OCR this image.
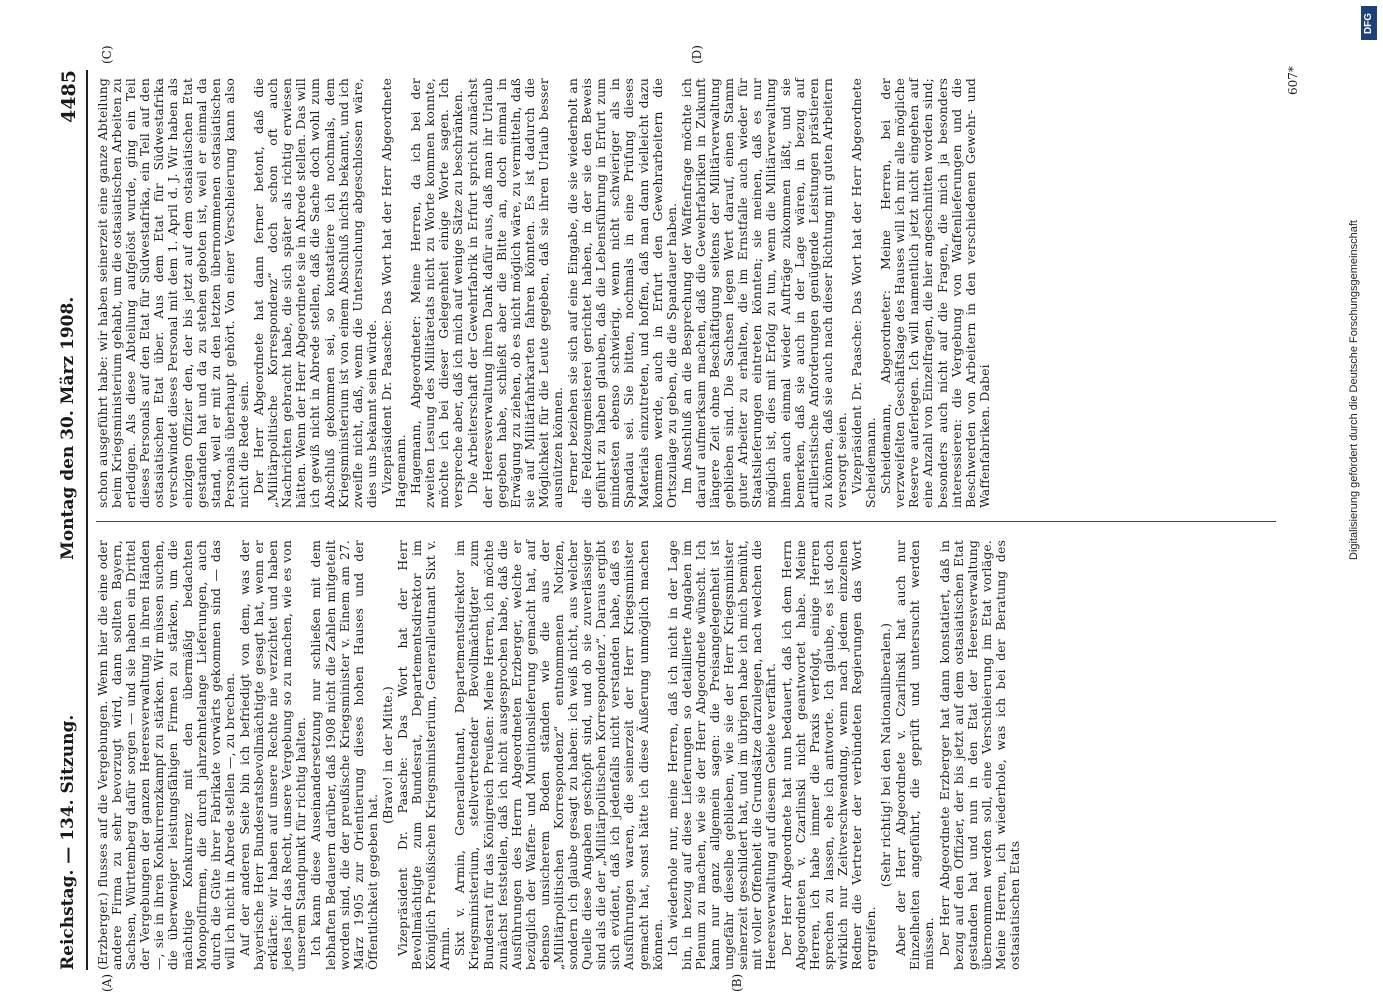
DFG
Digitalisierung gefördert durch die Deutsche Forschungsgemeinschaft
Reichstag. — 134. Sitzung.
Montag den 30. März 1908.
4485

(Erzberger.) flusses auf die Vergebungen. Wenn hier die eine oder andere Firma zu sehr bevorzugt wird, dann sollten Bayern, Sachsen, Württemberg dafür sorgen — und sie haben ein Drittel der Vergebungen der ganzen Heeresverwaltung in ihren Händen —, sie in ihren Konkurrenzkampf zu stärken. Wir müssen suchen, die überweniger leistungsfähigen Firmen zu stärken, um die mächtige Konkurrenz mit den übermäßig bedachten Monopolfirmen, die durch jahrzehntelange Lieferungen, auch durch die Güte ihrer Fabrikate vorwärts gekommen sind — das will ich nicht in Abrede stellen —, zu brechen. Auf der anderen Seite bin ich befriedigt von dem, was der bayerische Herr Bundesratsbevollmächtigte gesagt hat, wenn er erklärte: wir haben auf unsere Rechte nie verzichtet und haben jedes Jahr das Recht, unsere Vergebung so zu machen, wie es von unserem Standpunkt für richtig halten. Ich kann diese Auseinandersetzung nur schließen mit dem lebhaften Bedauern darüber, daß 1908 nicht die Zahlen mitgeteilt worden sind, die der preußische Kriegsminister v. Einem am 27. März 1905 zur Orientierung dieses hohen Hauses und der Öffentlichkeit gegeben hat.

(Bravo! in der Mitte.) Vizepräsident Dr. Paasche: Das Wort hat der Herr Bevollmächtigte zum Bundesrat, Departementsdirektor im Königlich Preußischen Kriegsministerium, Generalleutnant Sixt v. Armin. Sixt v. Armin, Generalleutnant, Departementsdirektor im Kriegsministerium, stellvertretender Bevollmächtigter zum Bundesrat für das Königreich Preußen: Meine Herren, ich möchte zunächst feststellen, daß ich nicht ausgesprochen habe, daß die Ausführungen des Herrn Abgeordneten Erzberger, welche er bezüglich der Waffen- und Munitionslieferung gemacht hat, auf ebenso unsicherem Boden ständen wie die aus der „Militärpolitischen Korrespondenz“ entnommenen Notizen, sondern ich glaube gesagt zu haben: ich weiß nicht, aus welcher Quelle diese Angaben geschöpft sind, und ob sie zuverlässiger sind als die der „Militärpolitischen Korrespondenz“. Daraus ergibt sich evident, daß ich jedenfalls nicht verstanden habe, daß es Ausführungen waren, die seinerzeit der Herr Kriegsminister gemacht hat, sonst hätte ich diese Äußerung unmöglich machen können. Ich wiederhole nur, meine Herren, daß ich nicht in der Lage bin, in bezug auf diese Lieferungen so detaillierte Angaben im Plenum zu machen, wie sie der Herr Abgeordnete wünscht. Ich kann nur ganz allgemein sagen: die Preisangelegenheit ist ungefähr dieselbe geblieben, wie sie der Herr Kriegsminister seinerzeit geschildert hat, und im übrigen habe ich mich bemüht, mit voller Offenheit die Grundsätze darzulegen, nach welchen die Heeresverwaltung auf diesem Gebiete verfährt. Der Herr Abgeordnete hat nun bedauert, daß ich dem Herrn Abgeordneten v. Czarlinski nicht geantwortet habe. Meine Herren, ich habe immer die Praxis verfolgt, einige Herren sprechen zu lassen, ehe ich antworte. Ich glaube, es ist doch wirklich nur Zeitverschwendung, wenn nach jedem einzelnen Redner die Vertreter der verbündeten Regierungen das Wort ergreifen.

(Sehr richtig! bei den Nationalliberalen.) Aber der Herr Abgeordnete v. Czarlinski hat auch nur Einzelheiten angeführt, die geprüft und untersucht werden müssen. Der Herr Abgeordnete Erzberger hat dann konstatiert, daß in bezug auf den Offizier, der bis jetzt auf dem ostasiatischen Etat gestanden hat und nun in den Etat der Heeresverwaltung übernommen werden soll, eine Verschleierung im Etat vorläge. Meine Herren, ich wiederhole, was ich bei der Beratung des ostasiatischen Etats

schon ausgeführt habe: wir haben seinerzeit eine ganze Abteilung beim Kriegsministerium gehabt, um die ostasiatischen Arbeiten zu erledigen. Als diese Abteilung aufgelöst wurde, ging ein Teil dieses Personals auf den Etat für Südwestafrika, ein Teil auf den ostasiatischen Etat über. Aus dem Etat für Südwestafrika verschwindet dieses Personal mit dem 1. April d. J. Wir haben als einzigen Offizier den, der bis jetzt auf dem ostasiatischen Etat gestanden hat und da zu stehen geboten ist, weil er einmal da stand, weil er mit zu den letzten übernommenen ostasiatischen Personals überhaupt gehört. Von einer Verschleierung kann also nicht die Rede sein. Der Herr Abgeordnete hat dann ferner betont, daß die „Militärpolitische Korrespondenz“ doch schon oft auch Nachrichten gebracht habe, die sich später als richtig erwiesen hätten. Wenn der Herr Abgeordnete sie in Abrede stellen. Das will ich gewiß nicht in Abrede stellen, daß die Sache doch wohl zum Abschluß gekommen sei, so konstatiere ich nochmals, dem Kriegsministerium ist von einem Abschluß nichts bekannt, und ich zweifle nicht, daß, wenn die Untersuchung abgeschlossen wäre, dies uns bekannt sein würde. Vizepräsident Dr. Paasche: Das Wort hat der Herr Abgeordnete Hagemann. Hagemann, Abgeordneter: Meine Herren, da ich bei der zweiten Lesung des Militäretats nicht zu Worte kommen konnte, möchte ich bei dieser Gelegenheit einige Worte sagen. Ich verspreche aber, daß ich mich auf wenige Sätze zu beschränken. Die Arbeiterschaft der Gewehrfabrik in Erfurt spricht zunächst der Heeresverwaltung ihren Dank dafür aus, daß man ihr Urlaub gegeben habe, schließt aber die Bitte an, doch einmal in Erwägung zu ziehen, ob es nicht möglich wäre, zu vermitteln, daß sie auf Militärfahrkarten fahren könnten. Es ist dadurch die Möglichkeit für die Leute gegeben, daß sie ihren Urlaub besser ausnützen können. Ferner beziehen sie sich auf eine Eingabe, die sie wiederholt an die Feldzeugmeisterei gerichtet haben, in der sie den Beweis geführt zu haben glauben, daß die Lebensführung in Erfurt zum mindesten ebenso schwierig, wenn nicht schwieriger als in Spandau sei. Sie bitten, nochmals in eine Prüfung dieses Materials einzutreten, und hoffen, daß man dann vielleicht dazu kommen werde, auch in Erfurt den Gewehrarbeitern die Ortszulage zu geben, die die Spandauer haben. Im Anschluß an die Besprechung der Waffenfrage möchte ich darauf aufmerksam machen, daß die Gewehrfabriken in Zukunft längere Zeit ohne Beschäftigung seitens der Militärverwaltung geblieben sind. Die Sachsen legen Wert darauf, einen Stamm guter Arbeiter zu erhalten, die im Ernstfalle auch wieder für Staatslieferungen eintreten könnten; sie meinen, daß es nur möglich ist, dies mit Erfolg zu tun, wenn die Militärverwaltung ihnen auch einmal wieder Aufträge zukommen läßt, und sie bemerken, daß sie auch in der Lage wären, in bezug auf artilleristische Anforderungen genügende Leistungen prästieren zu können, daß sie auch nach dieser Richtung mit guten Arbeitern versorgt seien. Vizepräsident Dr. Paasche: Das Wort hat der Herr Abgeordnete Scheidemann. Scheidemann, Abgeordneter: Meine Herren, bei der verzweifelten Geschäftslage des Hauses will ich mir alle mögliche Reserve auferlegen. Ich will namentlich jetzt nicht eingehen auf eine Anzahl von Einzelfragen, die hier angeschnitten worden sind; besonders auch nicht auf die Fragen, die mich ja besonders interessieren: die Vergebung von Waffenlieferungen und die Beschwerden von Arbeitern in den verschiedenen Gewehr- und Waffenfabriken. Dabei

(A)	(B)
(C)	(D)
607*
